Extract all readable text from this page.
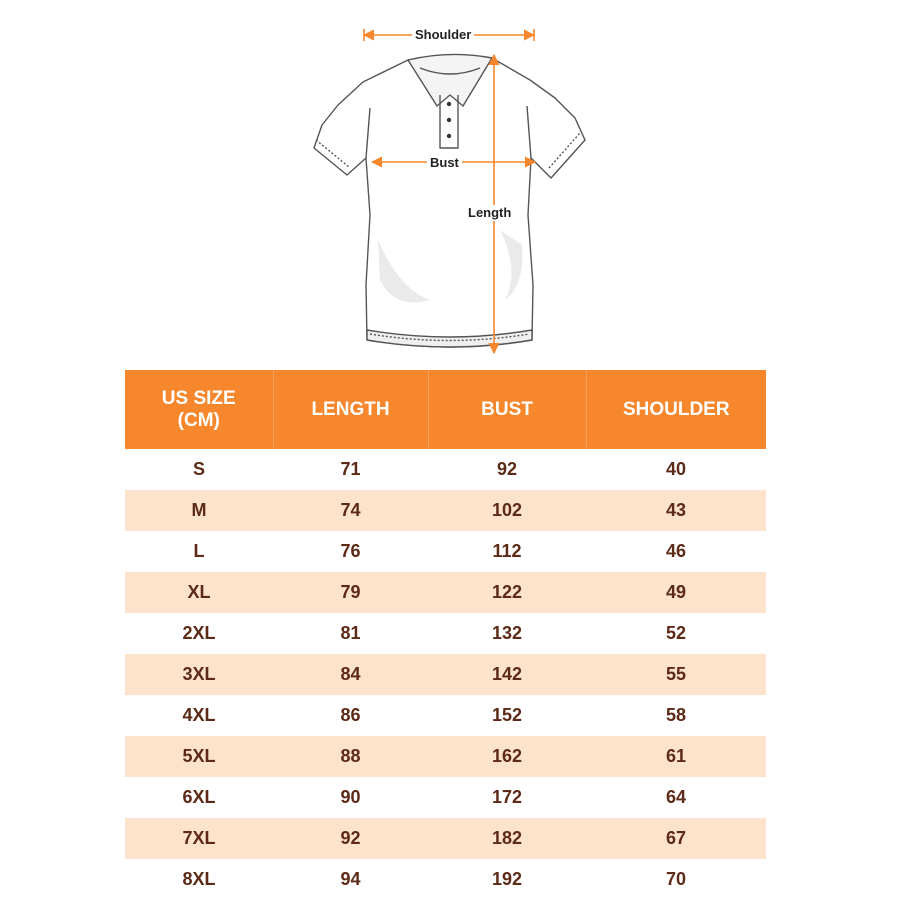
Shoulder
Bust
Length
US SIZE
(CM)	LENGTH	BUST	SHOULDER
S	71	92	40
M	74	102	43
L	76	112	46
XL	79	122	49
2XL	81	132	52
3XL	84	142	55
4XL	86	152	58
5XL	88	162	61
6XL	90	172	64
7XL	92	182	67
8XL	94	192	70
